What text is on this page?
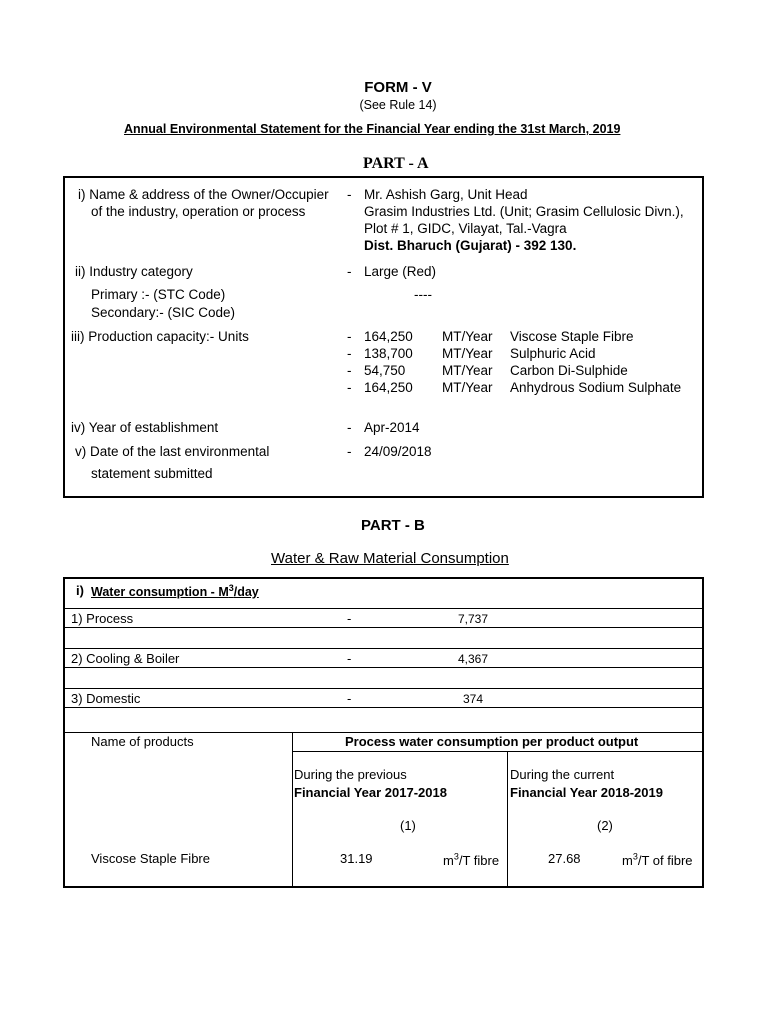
FORM - V
(See Rule 14)
Annual Environmental Statement for the Financial Year ending the 31st March, 2019
PART - A
i) Name & address of the Owner/Occupier
of the industry, operation or process
- Mr. Ashish Garg, Unit Head
Grasim Industries Ltd. (Unit; Grasim Cellulosic Divn.),
Plot # 1, GIDC, Vilayat, Tal.-Vagra
Dist. Bharuch (Gujarat) - 392 130.
ii) Industry category	- Large (Red)
Primary :- (STC Code)
Secondary:- (SIC Code)
----
iii) Production capacity:- Units	- 164,250 MT/Year Viscose Staple Fibre
- 138,700 MT/Year Sulphuric Acid
- 54,750	MT/Year Carbon Di-Sulphide
- 164,250 MT/Year Anhydrous Sodium Sulphate
iv) Year of establishment	- Apr-2014
v) Date of the last environmental
statement submitted
- 24/09/2018
PART - B
Water & Raw Material Consumption
i) Water consumption - $M^3$/day
1) Process	-	7,737
2) Cooling & Boiler	-	4,367
3) Domestic	-	374
Name of products	Process water consumption per product output
During the previous
Financial Year 2017-2018
During the current
Financial Year 2018-2019
(1)	(2)
Viscose Staple Fibre	31.19	$m^3/T$ fibre	27.68	$m^3/T$ of fibre
